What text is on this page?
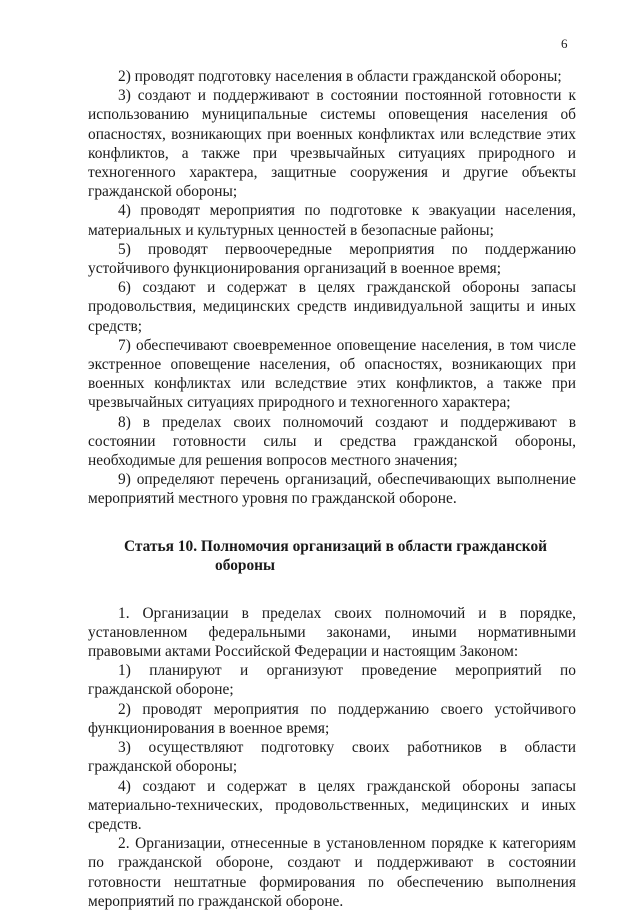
6

2) проводят подготовку населения в области гражданской обороны;

3) создают и поддерживают в состоянии постоянной готовности к использованию муниципальные системы оповещения населения об опасностях, возникающих при военных конфликтах или вследствие этих конфликтов, а также при чрезвычайных ситуациях природного и техногенного характера, защитные сооружения и другие объекты гражданской обороны;

4) проводят мероприятия по подготовке к эвакуации населения, материальных и культурных ценностей в безопасные районы;

5) проводят первоочередные мероприятия по поддержанию устойчивого функционирования организаций в военное время;

6) создают и содержат в целях гражданской обороны запасы продовольствия, медицинских средств индивидуальной защиты и иных средств;

7) обеспечивают своевременное оповещение населения, в том числе экстренное оповещение населения, об опасностях, возникающих при военных конфликтах или вследствие этих конфликтов, а также при чрезвычайных ситуациях природного и техногенного характера;

8) в пределах своих полномочий создают и поддерживают в состоянии готовности силы и средства гражданской обороны, необходимые для решения вопросов местного значения;

9) определяют перечень организаций, обеспечивающих выполнение мероприятий местного уровня по гражданской обороне.

Статья 10. Полномочия организаций в области гражданской
обороны

1. Организации в пределах своих полномочий и в порядке, установленном федеральными законами, иными нормативными правовыми актами Российской Федерации и настоящим Законом:

1) планируют и организуют проведение мероприятий по гражданской обороне;

2) проводят мероприятия по поддержанию своего устойчивого функционирования в военное время;

3) осуществляют подготовку своих работников в области гражданской обороны;

4) создают и содержат в целях гражданской обороны запасы материально-технических, продовольственных, медицинских и иных средств.

2. Организации, отнесенные в установленном порядке к категориям по гражданской обороне, создают и поддерживают в состоянии готовности нештатные формирования по обеспечению выполнения мероприятий по гражданской обороне.
